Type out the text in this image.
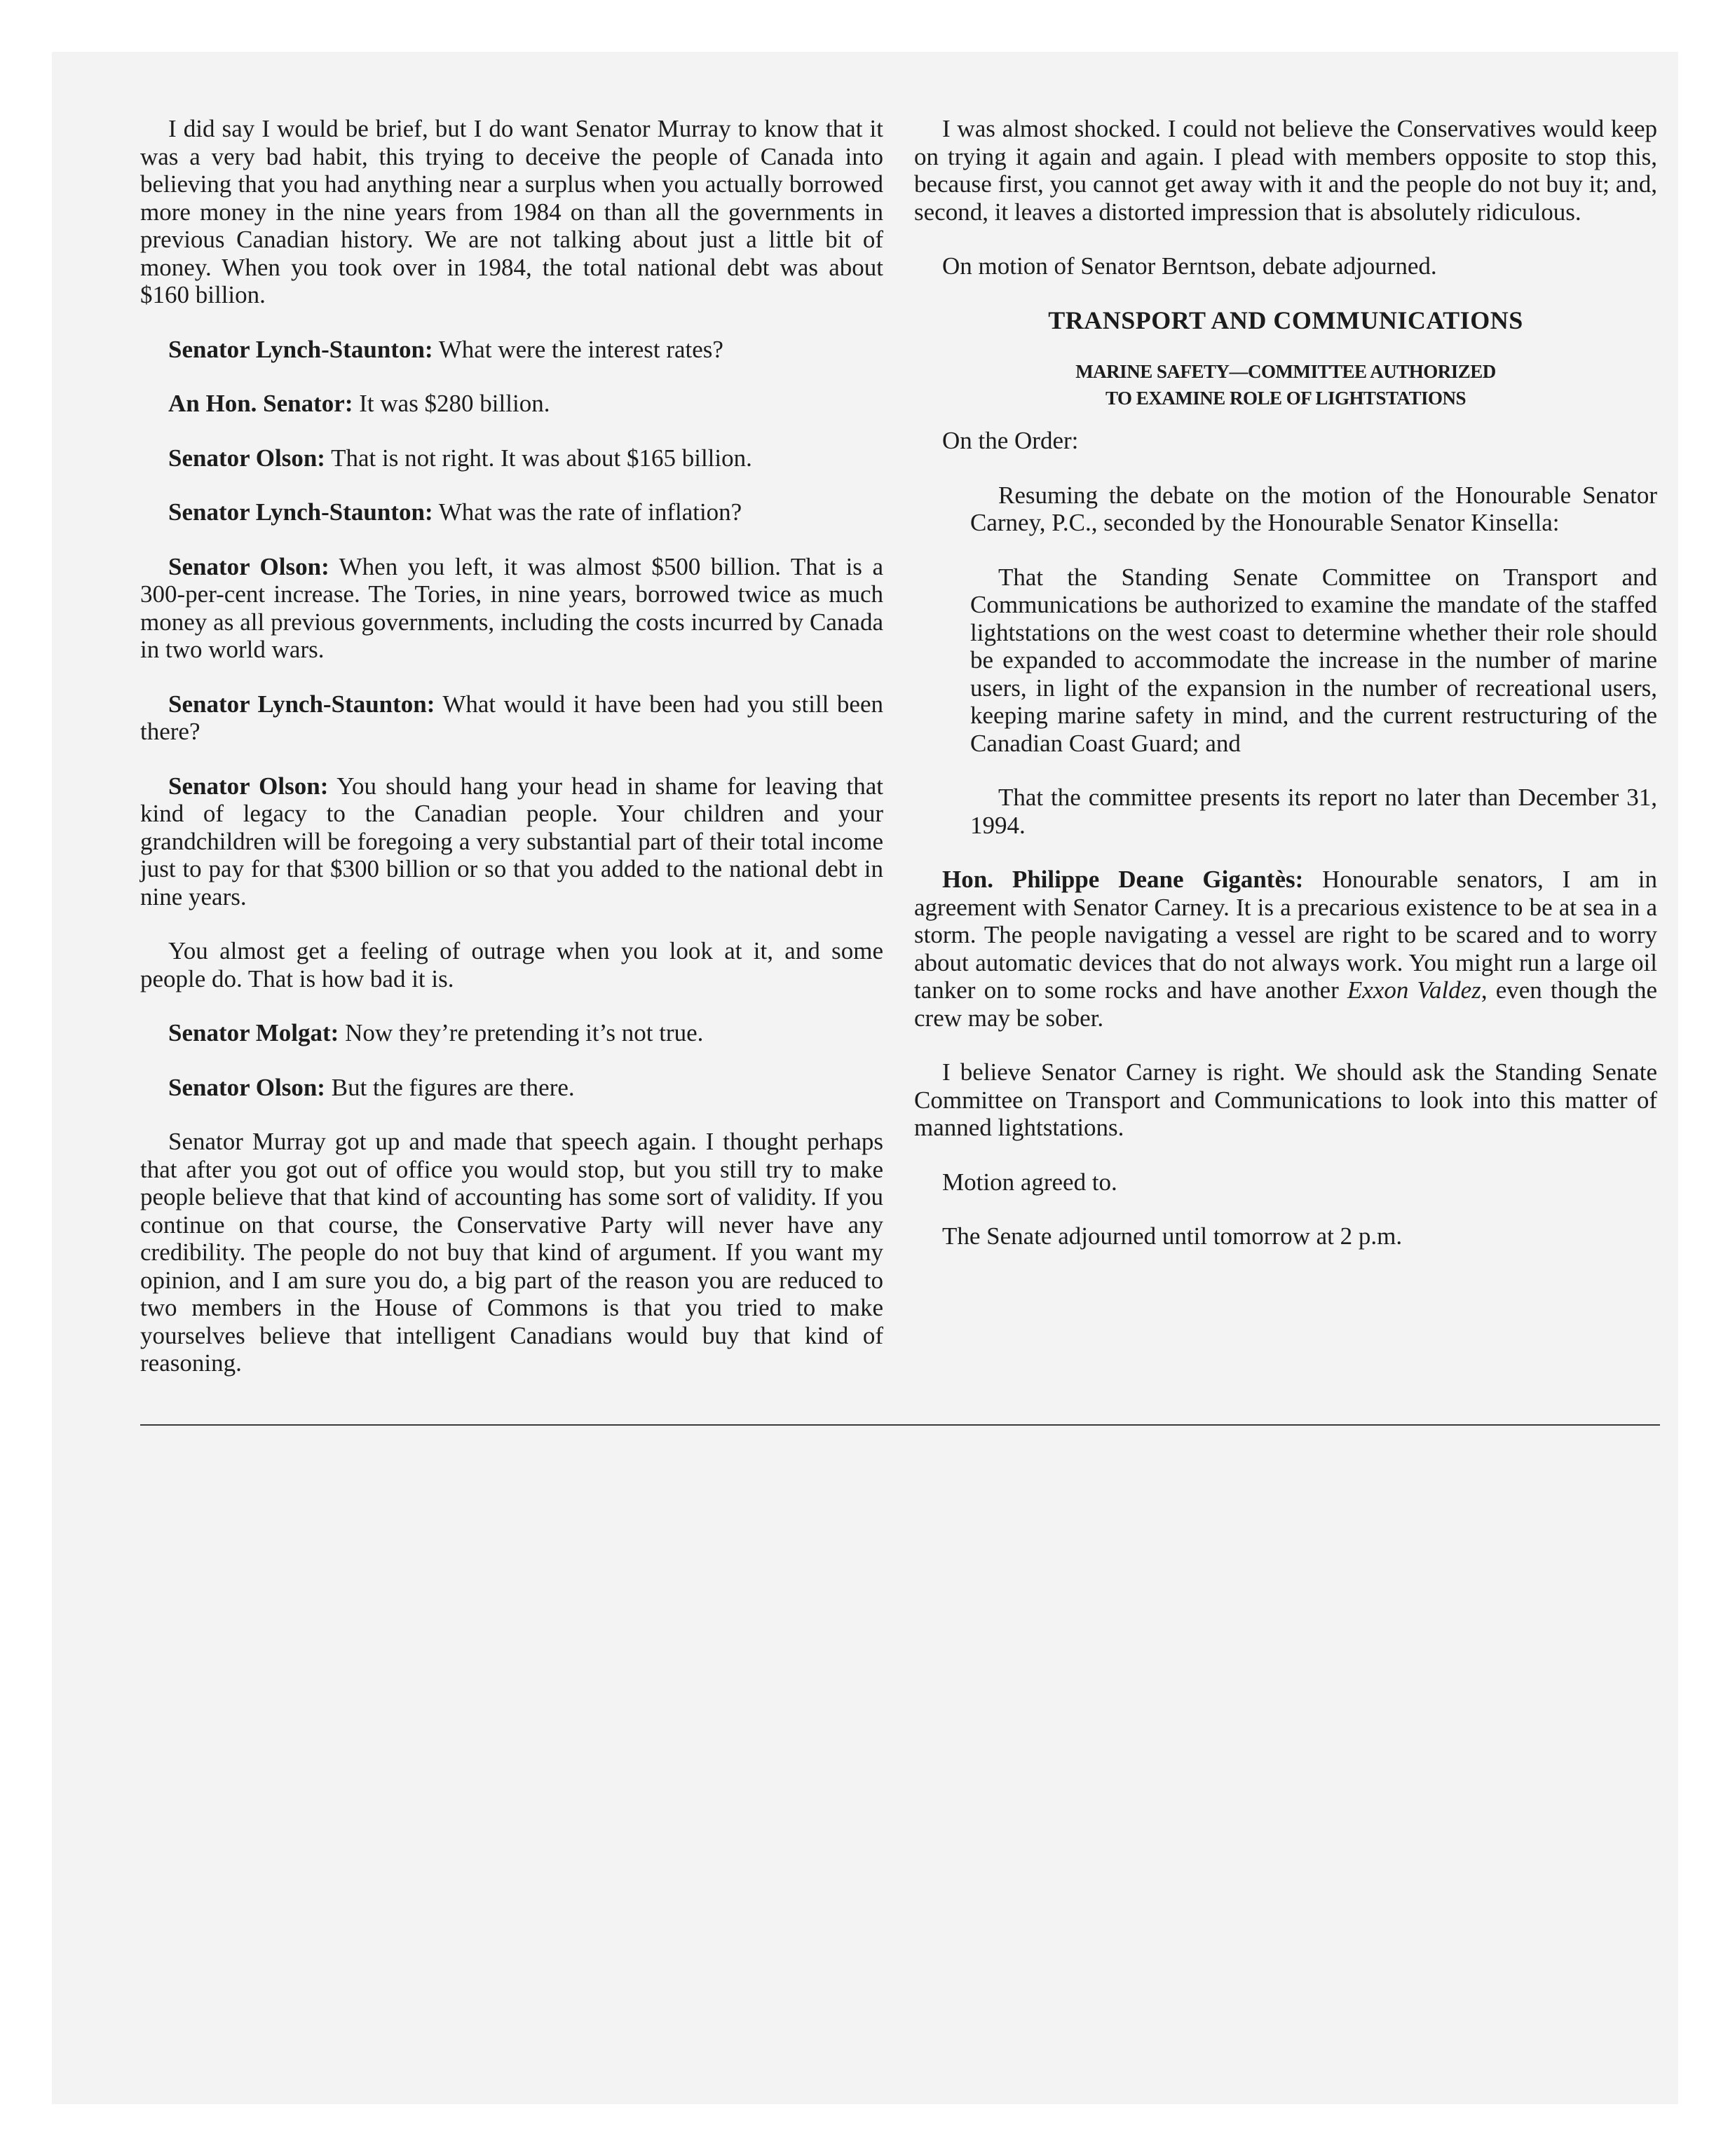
I did say I would be brief, but I do want Senator Murray to know that it was a very bad habit, this trying to deceive the people of Canada into believing that you had anything near a surplus when you actually borrowed more money in the nine years from 1984 on than all the governments in previous Canadian history. We are not talking about just a little bit of money. When you took over in 1984, the total national debt was about $160 billion.

Senator Lynch-Staunton: What were the interest rates?

An Hon. Senator: It was $280 billion.

Senator Olson: That is not right. It was about $165 billion.

Senator Lynch-Staunton: What was the rate of inflation?

Senator Olson: When you left, it was almost $500 billion. That is a 300-per-cent increase. The Tories, in nine years, borrowed twice as much money as all previous governments, including the costs incurred by Canada in two world wars.

Senator Lynch-Staunton: What would it have been had you still been there?

Senator Olson: You should hang your head in shame for leaving that kind of legacy to the Canadian people. Your children and your grandchildren will be foregoing a very substantial part of their total income just to pay for that $300 billion or so that you added to the national debt in nine years.

You almost get a feeling of outrage when you look at it, and some people do. That is how bad it is.

Senator Molgat: Now they’re pretending it’s not true.

Senator Olson: But the figures are there.

Senator Murray got up and made that speech again. I thought perhaps that after you got out of office you would stop, but you still try to make people believe that that kind of accounting has some sort of validity. If you continue on that course, the Conservative Party will never have any credibility. The people do not buy that kind of argument. If you want my opinion, and I am sure you do, a big part of the reason you are reduced to two members in the House of Commons is that you tried to make yourselves believe that intelligent Canadians would buy that kind of reasoning.

I was almost shocked. I could not believe the Conservatives would keep on trying it again and again. I plead with members opposite to stop this, because first, you cannot get away with it and the people do not buy it; and, second, it leaves a distorted impression that is absolutely ridiculous.

On motion of Senator Berntson, debate adjourned.

TRANSPORT AND COMMUNICATIONS
MARINE SAFETY—COMMITTEE AUTHORIZED
TO EXAMINE ROLE OF LIGHTSTATIONS

On the Order:

Resuming the debate on the motion of the Honourable Senator Carney, P.C., seconded by the Honourable Senator Kinsella:

That the Standing Senate Committee on Transport and Communications be authorized to examine the mandate of the staffed lightstations on the west coast to determine whether their role should be expanded to accommodate the increase in the number of marine users, in light of the expansion in the number of recreational users, keeping marine safety in mind, and the current restructuring of the Canadian Coast Guard; and

That the committee presents its report no later than December 31, 1994.

Hon. Philippe Deane Gigantès: Honourable senators, I am in agreement with Senator Carney. It is a precarious existence to be at sea in a storm. The people navigating a vessel are right to be scared and to worry about automatic devices that do not always work. You might run a large oil tanker on to some rocks and have another Exxon Valdez, even though the crew may be sober.

I believe Senator Carney is right. We should ask the Standing Senate Committee on Transport and Communications to look into this matter of manned lightstations.

Motion agreed to.

The Senate adjourned until tomorrow at 2 p.m.
